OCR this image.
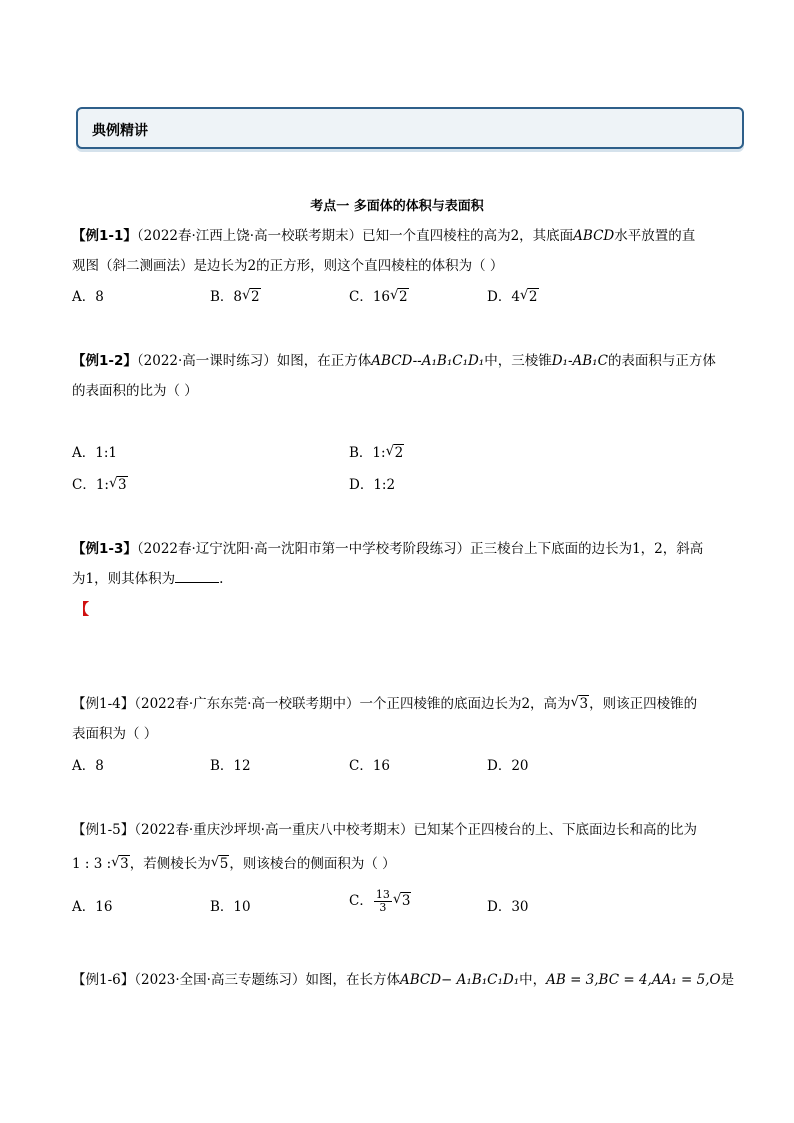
典例精讲
考点一 多面体的体积与表面积
【例1-1】（2022春·江西上饶·高一校联考期末）已知一个直四棱柱的高为2，其底面ABCD水平放置的直
观图（斜二测画法）是边长为2的正方形，则这个直四棱柱的体积为（ ）
A．8	B．8 √ 2	C．16 √ 2	D．4 √ 2
【例1-2】（2022·高一课时练习）如图，在正方体ABCD--A₁B₁C₁D₁中，三棱锥D₁-AB₁C的表面积与正方体
的表面积的比为（ ）
A．1:1	B．1: √ 2
C．1: √ 3	D．1:2
【例1-3】（2022春·辽宁沈阳·高一沈阳市第一中学校考阶段练习）正三棱台上下底面的边长为1，2，斜高
为1，则其体积为	.
【
【例1-4】（2022春·广东东莞·高一校联考期中）一个正四棱锥的底面边长为2，高为 √ 3，则该正四棱锥的
表面积为（ ）
A．8	B．12	C．16	D．20
【例1-5】（2022春·重庆沙坪坝·高一重庆八中校考期末）已知某个正四棱台的上、下底面边长和高的比为
1 : 3 : √ 3，若侧棱长为 √ 5，则该棱台的侧面积为（ ）
A．16	B．10	C． $\frac{13}{3}$ √ 3	D．30
【例1-6】（2023·全国·高三专题练习）如图，在长方体ABCD− A₁B₁C₁D₁中，AB = 3,BC = 4,AA₁ = 5,O是
